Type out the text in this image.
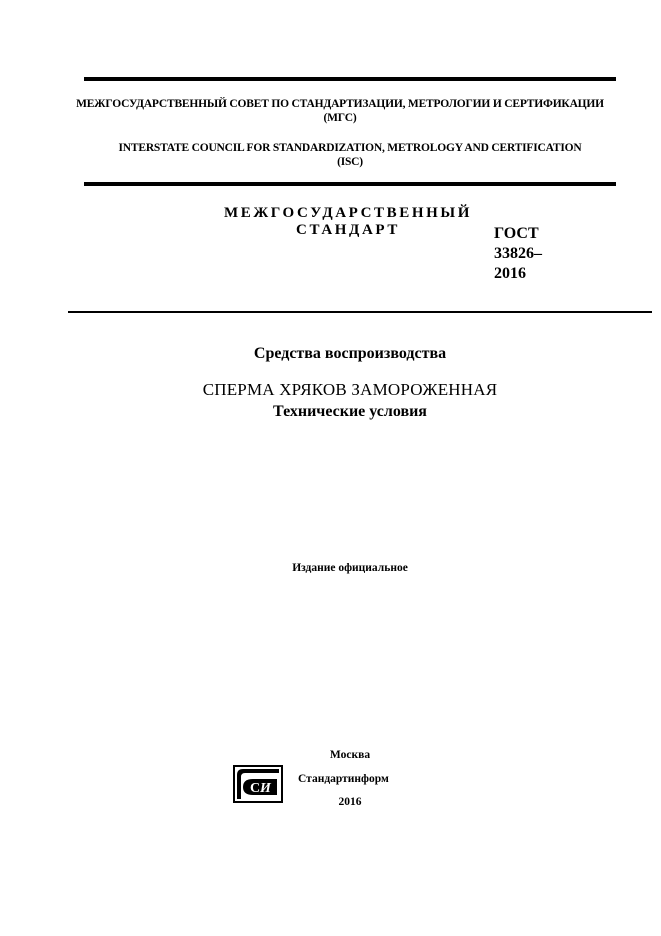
МЕЖГОСУДАРСТВЕННЫЙ СОВЕТ ПО СТАНДАРТИЗАЦИИ, МЕТРОЛОГИИ И СЕРТИФИКАЦИИ
(МГС)
INTERSTATE COUNCIL FOR STANDARDIZATION, METROLOGY AND CERTIFICATION
(ISC)
МЕЖГОСУДАРСТВЕННЫЙ
СТАНДАРТ	ГОСТ
33826–
2016
Средства воспроизводства
СПЕРМА ХРЯКОВ ЗАМОРОЖЕННАЯ
Технические условия
Издание официальное
Москва
С И
Стандартинформ
2016
